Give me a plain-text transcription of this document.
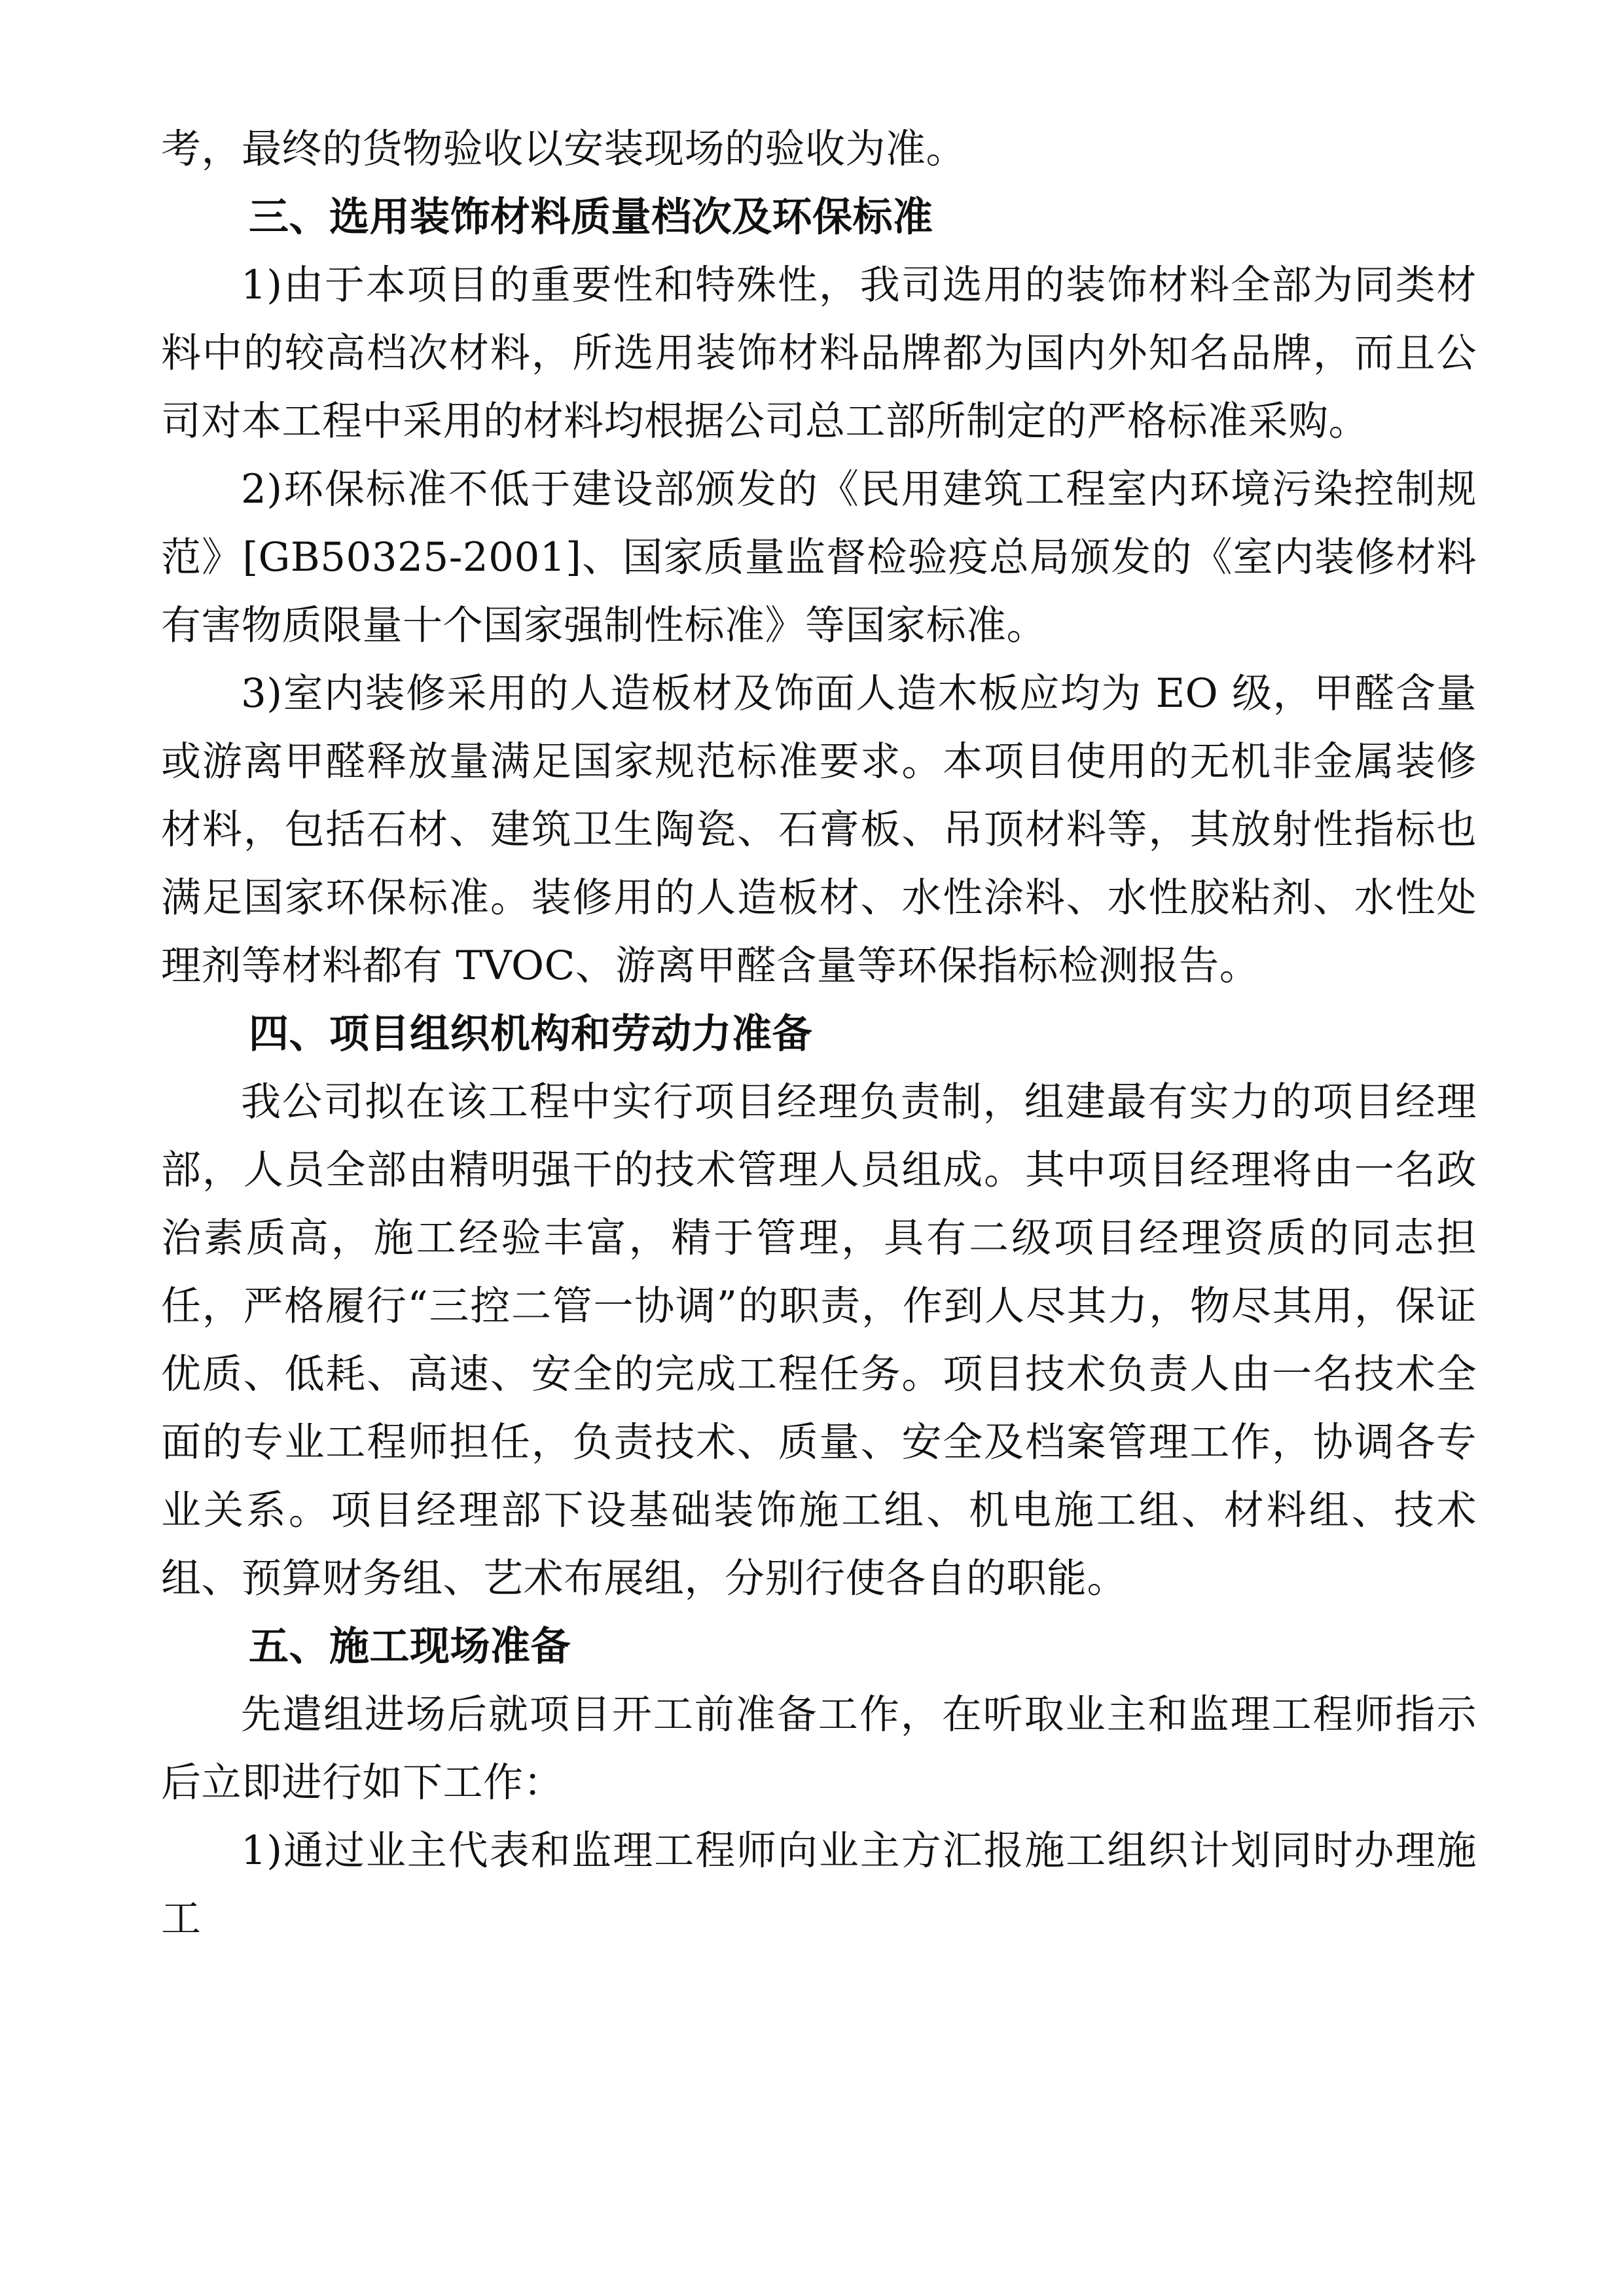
考，最终的货物验收以安装现场的验收为准。

三、选用装饰材料质量档次及环保标准

1)由于本项目的重要性和特殊性，我司选用的装饰材料全部为同类材料中的较高档次材料，所选用装饰材料品牌都为国内外知名品牌，而且公司对本工程中采用的材料均根据公司总工部所制定的严格标准采购。

2)环保标准不低于建设部颁发的《民用建筑工程室内环境污染控制规范》[GB50325-2001]、国家质量监督检验疫总局颁发的《室内装修材料有害物质限量十个国家强制性标准》等国家标准。

3)室内装修采用的人造板材及饰面人造木板应均为 EO 级，甲醛含量或游离甲醛释放量满足国家规范标准要求。本项目使用的无机非金属装修材料，包括石材、建筑卫生陶瓷、石膏板、吊顶材料等，其放射性指标也满足国家环保标准。装修用的人造板材、水性涂料、水性胶粘剂、水性处理剂等材料都有 TVOC、游离甲醛含量等环保指标检测报告。

四、项目组织机构和劳动力准备

我公司拟在该工程中实行项目经理负责制，组建最有实力的项目经理部，人员全部由精明强干的技术管理人员组成。其中项目经理将由一名政治素质高，施工经验丰富，精于管理，具有二级项目经理资质的同志担任，严格履行“三控二管一协调”的职责，作到人尽其力，物尽其用，保证优质、低耗、高速、安全的完成工程任务。项目技术负责人由一名技术全面的专业工程师担任，负责技术、质量、安全及档案管理工作，协调各专业关系。项目经理部下设基础装饰施工组、机电施工组、材料组、技术组、预算财务组、艺术布展组，分别行使各自的职能。

五、施工现场准备

先遣组进场后就项目开工前准备工作，在听取业主和监理工程师指示后立即进行如下工作：

1)通过业主代表和监理工程师向业主方汇报施工组织计划同时办理施工
